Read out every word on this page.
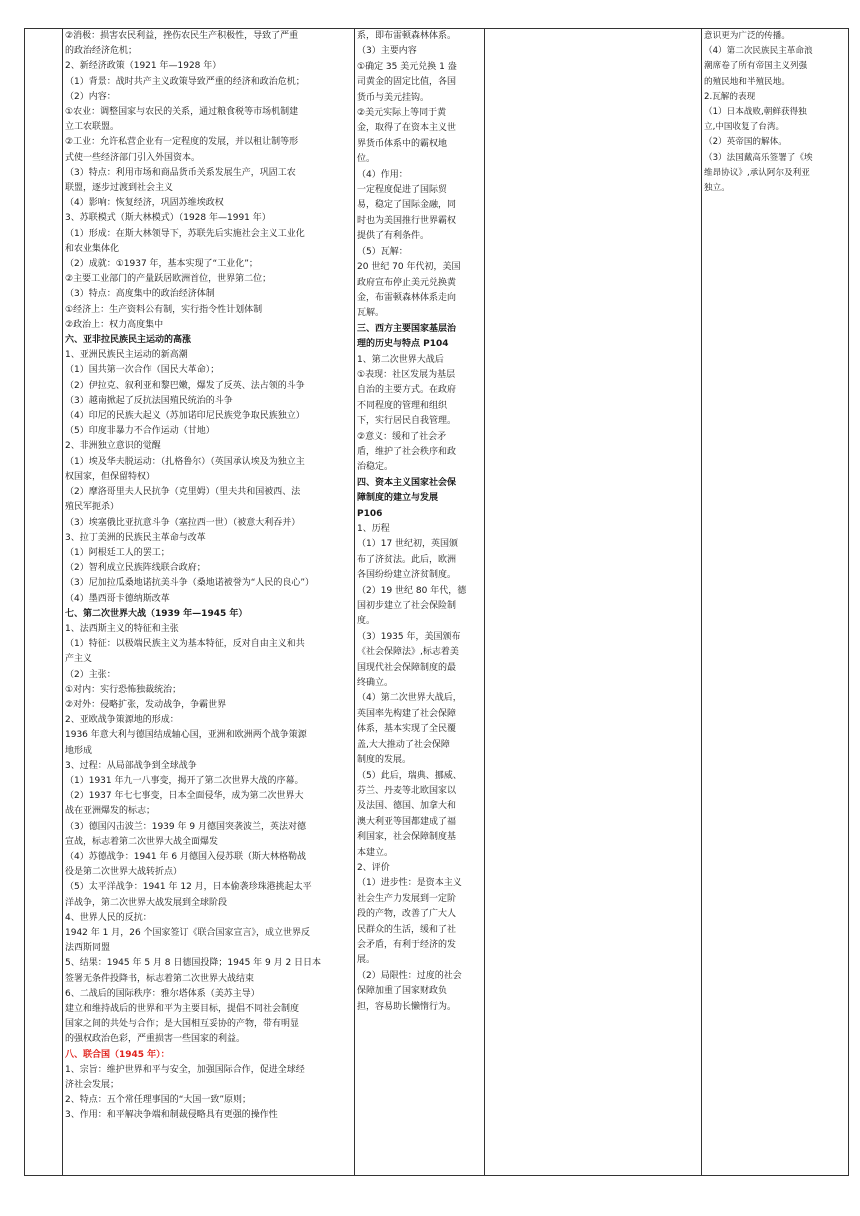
②消极：损害农民利益，挫伤农民生产积极性，导致了严重
的政治经济危机；
2、新经济政策（1921 年—1928 年）
（1）背景：战时共产主义政策导致严重的经济和政治危机；
（2）内容：
①农业：调整国家与农民的关系，通过粮食税等市场机制建
立工农联盟。
②工业：允许私营企业有一定程度的发展，并以租让制等形
式使一些经济部门引入外国资本。
（3）特点：利用市场和商品货币关系发展生产，巩固工农
联盟，逐步过渡到社会主义
（4）影响：恢复经济，巩固苏维埃政权
3、苏联模式（斯大林模式）（1928 年—1991 年）
（1）形成：在斯大林领导下，苏联先后实施社会主义工业化
和农业集体化
（2）成就：①1937 年，基本实现了“工业化”；
②主要工业部门的产量跃居欧洲首位，世界第二位；
（3）特点：高度集中的政治经济体制
①经济上：生产资料公有制，实行指令性计划体制
②政治上：权力高度集中
六、亚非拉民族民主运动的高涨
1、亚洲民族民主运动的新高潮
（1）国共第一次合作（国民大革命）；
（2）伊拉克、叙利亚和黎巴嫩，爆发了反英、法占领的斗争
（3）越南掀起了反抗法国殖民统治的斗争
（4）印尼的民族大起义（苏加诺印尼民族党争取民族独立）
（5）印度非暴力不合作运动（甘地）
2、非洲独立意识的觉醒
（1）埃及华夫脱运动：（扎格鲁尔）（英国承认埃及为独立主
权国家，但保留特权）
（2）摩洛哥里夫人民抗争（克里姆）（里夫共和国被西、法
殖民军扼杀）
（3）埃塞俄比亚抗意斗争（塞拉西一世）（被意大利吞并）
3、拉丁美洲的民族民主革命与改革
（1）阿根廷工人的罢工；
（2）智利成立民族阵线联合政府；
（3）尼加拉瓜桑地诺抗美斗争（桑地诺被誉为“人民的良心”）
（4）墨西哥卡德纳斯改革
七、第二次世界大战（1939 年—1945 年）
1、法西斯主义的特征和主张
（1）特征：以极端民族主义为基本特征，反对自由主义和共
产主义
（2）主张：
①对内：实行恐怖独裁统治；
②对外：侵略扩张，发动战争，争霸世界
2、亚欧战争策源地的形成：
1936 年意大利与德国结成轴心国，亚洲和欧洲两个战争策源
地形成
3、过程：从局部战争到全球战争
（1）1931 年九一八事变，揭开了第二次世界大战的序幕。
（2）1937 年七七事变，日本全面侵华，成为第二次世界大
战在亚洲爆发的标志；
（3）德国闪击波兰：1939 年 9 月德国突袭波兰，英法对德
宣战，标志着第二次世界大战全面爆发
（4）苏德战争：1941 年 6 月德国入侵苏联（斯大林格勒战
役是第二次世界大战转折点）
（5）太平洋战争：1941 年 12 月，日本偷袭珍珠港挑起太平
洋战争，第二次世界大战发展到全球阶段
4、世界人民的反抗：
1942 年 1 月，26 个国家签订《联合国家宣言》，成立世界反
法西斯同盟
5、结果：1945 年 5 月 8 日德国投降；1945 年 9 月 2 日日本
签署无条件投降书，标志着第二次世界大战结束
6、二战后的国际秩序：雅尔塔体系（美苏主导）
建立和维持战后的世界和平为主要目标，提倡不同社会制度
国家之间的共处与合作；是大国相互妥协的产物，带有明显
的强权政治色彩，严重损害一些国家的利益。
八、联合国（1945 年）：
1、宗旨：维护世界和平与安全，加强国际合作，促进全球经
济社会发展；
2、特点：五个常任理事国的“大国一致”原则；
3、作用：和平解决争端和制裁侵略具有更强的操作性

系，即布雷顿森林体系。
（3）主要内容
①确定 35 美元兑换 1 盎
司黄金的固定比值，各国
货币与美元挂钩。
②美元实际上等同于黄
金，取得了在资本主义世
界货币体系中的霸权地
位。
（4）作用：
一定程度促进了国际贸
易，稳定了国际金融，同
时也为美国推行世界霸权
提供了有利条件。
（5）瓦解：
20 世纪 70 年代初，美国
政府宣布停止美元兑换黄
金，布雷顿森林体系走向
瓦解。
三、西方主要国家基层治
理的历史与特点 P104
1、第二次世界大战后
①表现：社区发展为基层
自治的主要方式。在政府
不同程度的管理和组织
下，实行居民自我管理。
②意义：缓和了社会矛
盾，维护了社会秩序和政
治稳定。
四、资本主义国家社会保
障制度的建立与发展
P106
1、历程
（1）17 世纪初，英国颁
布了济贫法。此后，欧洲
各国纷纷建立济贫制度。
（2）19 世纪 80 年代，德
国初步建立了社会保险制
度。
（3）1935 年，美国颁布
《社会保障法》,标志着美
国现代社会保障制度的最
终确立。
（4）第二次世界大战后，
英国率先构建了社会保障
体系，基本实现了全民覆
盖,大大推动了社会保障
制度的发展。
（5）此后，瑞典、挪威、
芬兰、丹麦等北欧国家以
及法国、德国、加拿大和
澳大利亚等国都建成了福
利国家，社会保障制度基
本建立。
2、评价
（1）进步性：是资本主义
社会生产力发展到一定阶
段的产物，改善了广大人
民群众的生活，缓和了社
会矛盾，有利于经济的发
展。
（2）局限性：过度的社会
保障加重了国家财政负
担，容易助长懒惰行为。

意识更为广泛的传播。
（4）第二次民族民主革命浪
潮席卷了所有帝国主义列强
的殖民地和半殖民地。
2.瓦解的表现
（1）日本战败,朝鲜获得独
立,中国收复了台湾。
（2）英帝国的解体。
（3）法国戴高乐签署了《埃
维昂协议》,承认阿尔及利亚
独立。
